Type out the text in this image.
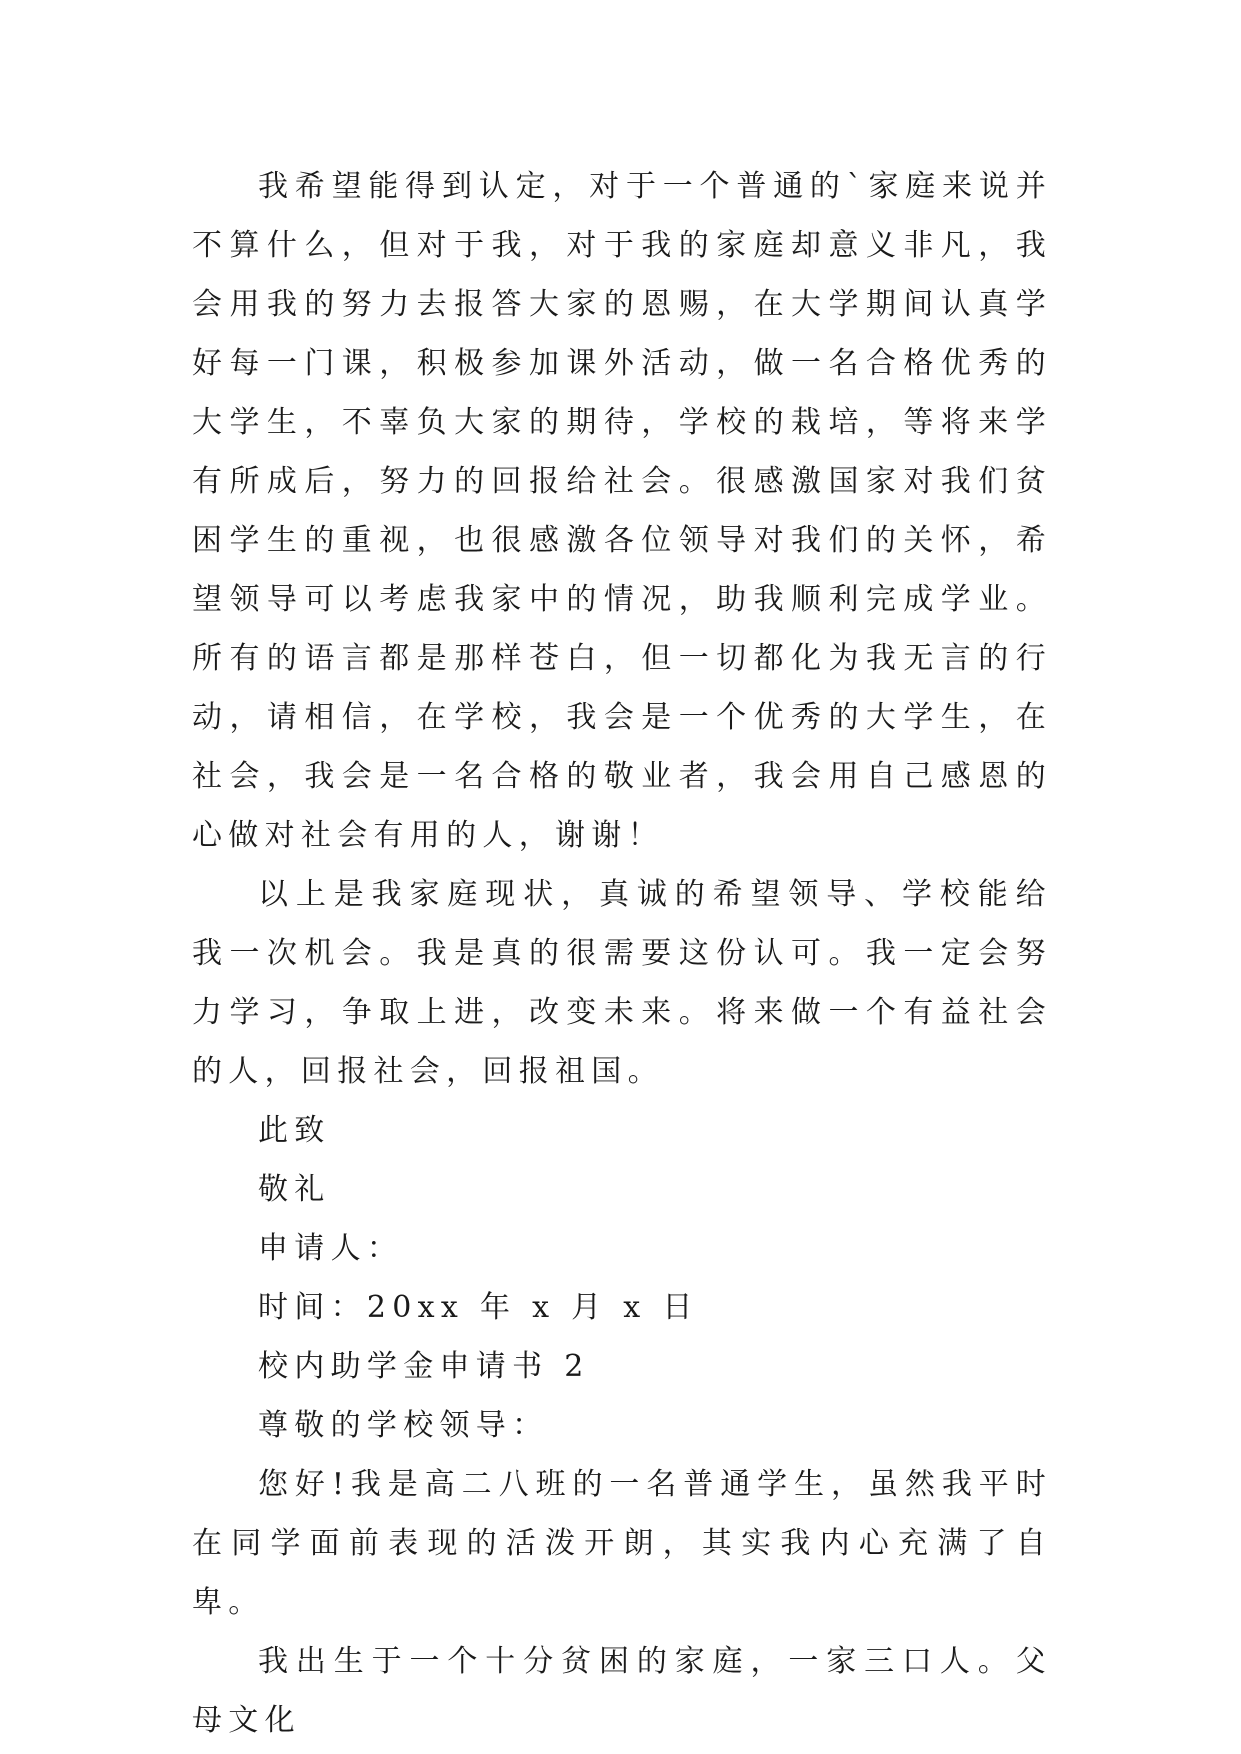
我希望能得到认定，对于一个普通的`家庭来说并不算什么，但对于我，对于我的家庭却意义非凡，我会用我的努力去报答大家的恩赐，在大学期间认真学好每一门课，积极参加课外活动，做一名合格优秀的大学生，不辜负大家的期待，学校的栽培，等将来学有所成后，努力的回报给社会。很感激国家对我们贫困学生的重视，也很感激各位领导对我们的关怀，希望领导可以考虑我家中的情况，助我顺利完成学业。所有的语言都是那样苍白，但一切都化为我无言的行动，请相信，在学校，我会是一个优秀的大学生，在社会，我会是一名合格的敬业者，我会用自己感恩的心做对社会有用的人，谢谢！

以上是我家庭现状，真诚的希望领导、学校能给我一次机会。我是真的很需要这份认可。我一定会努力学习，争取上进，改变未来。将来做一个有益社会的人，回报社会，回报祖国。

此致

敬礼

申请人：

时间：20xx 年 x 月 x 日

校内助学金申请书 2

尊敬的学校领导：

您好!我是高二八班的一名普通学生，虽然我平时在同学面前表现的活泼开朗，其实我内心充满了自卑。

我出生于一个十分贫困的家庭，一家三口人。父母文化
